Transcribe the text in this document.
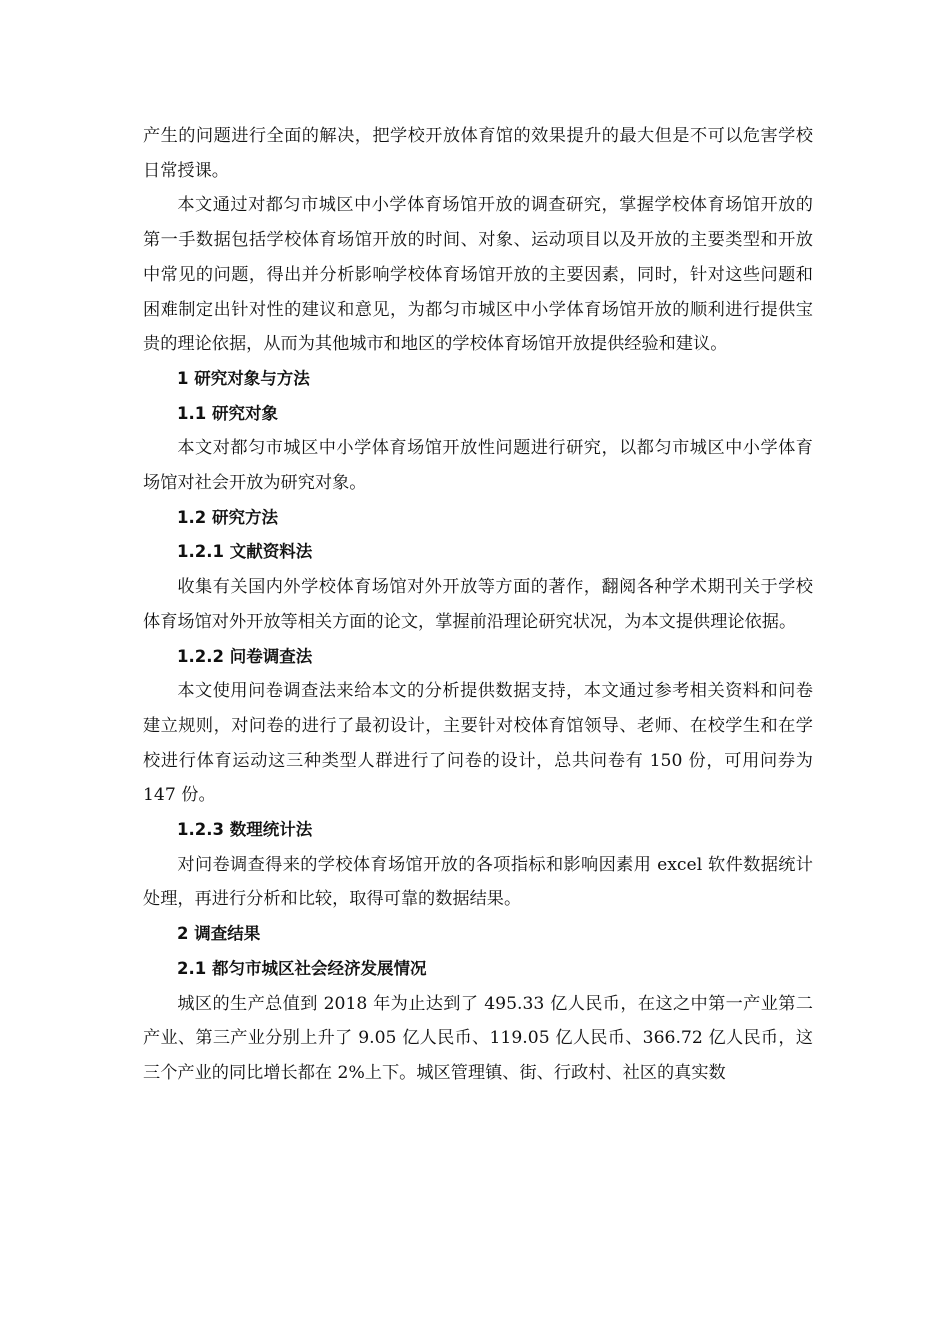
产生的问题进行全面的解决，把学校开放体育馆的效果提升的最大但是不可以危害学校日常授课。

本文通过对都匀市城区中小学体育场馆开放的调查研究，掌握学校体育场馆开放的第一手数据包括学校体育场馆开放的时间、对象、运动项目以及开放的主要类型和开放中常见的问题，得出并分析影响学校体育场馆开放的主要因素，同时，针对这些问题和困难制定出针对性的建议和意见，为都匀市城区中小学体育场馆开放的顺利进行提供宝贵的理论依据，从而为其他城市和地区的学校体育场馆开放提供经验和建议。

1 研究对象与方法

1.1 研究对象

本文对都匀市城区中小学体育场馆开放性问题进行研究，以都匀市城区中小学体育场馆对社会开放为研究对象。

1.2 研究方法

1.2.1 文献资料法

收集有关国内外学校体育场馆对外开放等方面的著作，翻阅各种学术期刊关于学校体育场馆对外开放等相关方面的论文，掌握前沿理论研究状况，为本文提供理论依据。

1.2.2 问卷调查法

本文使用问卷调查法来给本文的分析提供数据支持，本文通过参考相关资料和问卷建立规则，对问卷的进行了最初设计，主要针对校体育馆领导、老师、在校学生和在学校进行体育运动这三种类型人群进行了问卷的设计，总共问卷有 150 份，可用问券为 147 份。

1.2.3 数理统计法

对问卷调查得来的学校体育场馆开放的各项指标和影响因素用 excel 软件数据统计处理，再进行分析和比较，取得可靠的数据结果。

2 调查结果

2.1 都匀市城区社会经济发展情况

城区的生产总值到 2018 年为止达到了 495.33 亿人民币，在这之中第一产业第二产业、第三产业分别上升了 9.05 亿人民币、119.05 亿人民币、366.72 亿人民币，这三个产业的同比增长都在 2%上下。城区管理镇、街、行政村、社区的真实数
